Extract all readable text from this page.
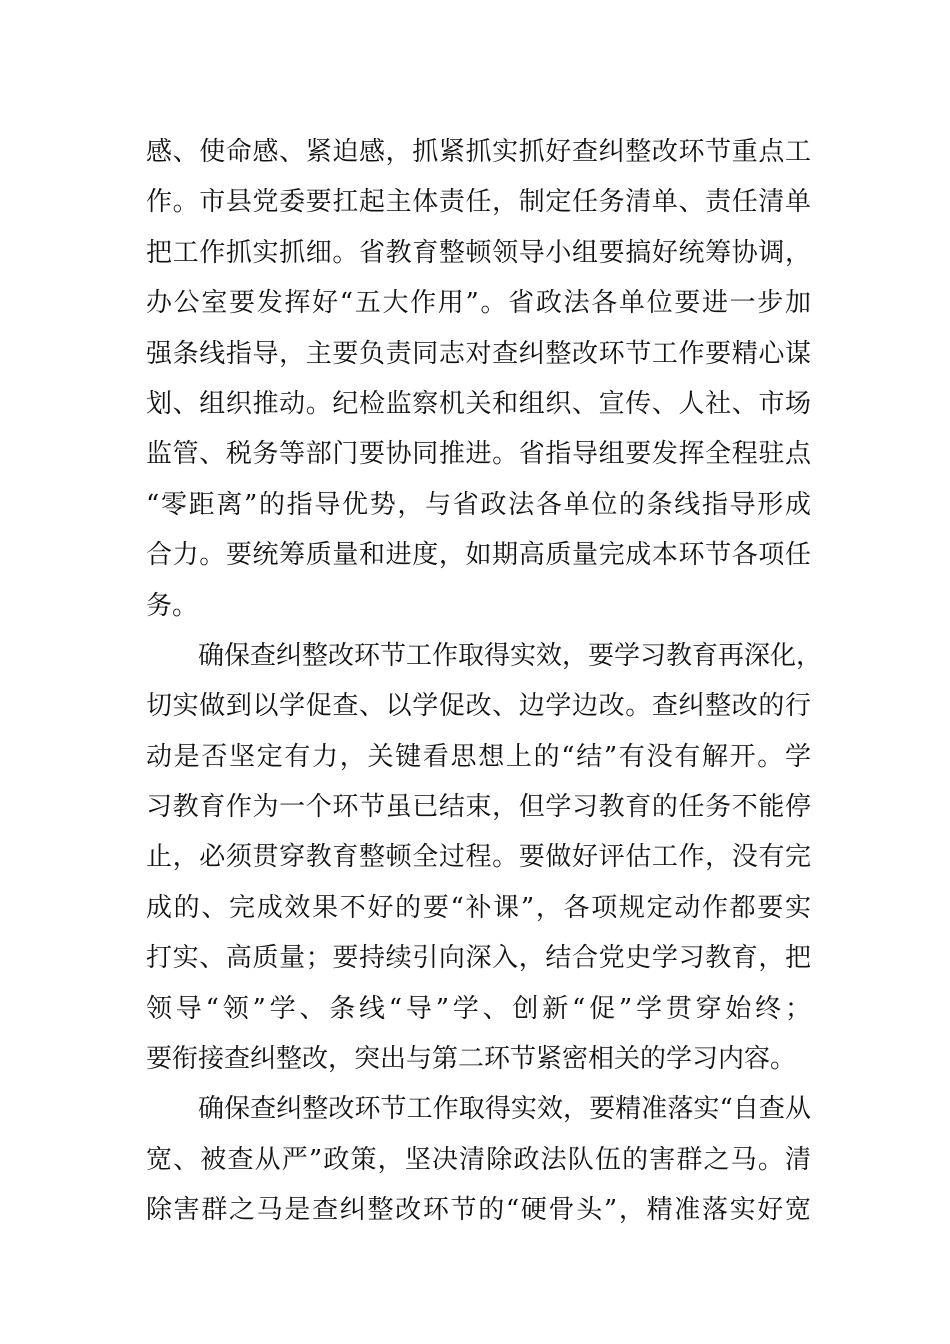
感、使命感、紧迫感，抓紧抓实抓好查纠整改环节重点工
作。市县党委要扛起主体责任，制定任务清单、责任清单
把工作抓实抓细。省教育整顿领导小组要搞好统筹协调，
办公室要发挥好“五大作用”。省政法各单位要进一步加
强条线指导，主要负责同志对查纠整改环节工作要精心谋
划、组织推动。纪检监察机关和组织、宣传、人社、市场
监管、税务等部门要协同推进。省指导组要发挥全程驻点
“零距离”的指导优势，与省政法各单位的条线指导形成
合力。要统筹质量和进度，如期高质量完成本环节各项任
务。
确保查纠整改环节工作取得实效，要学习教育再深化，
切实做到以学促查、以学促改、边学边改。查纠整改的行
动是否坚定有力，关键看思想上的“结”有没有解开。学
习教育作为一个环节虽已结束，但学习教育的任务不能停
止，必须贯穿教育整顿全过程。要做好评估工作，没有完
成的、完成效果不好的要“补课”，各项规定动作都要实
打实、高质量；要持续引向深入，结合党史学习教育，把
领导“领”学、条线“导”学、创新“促”学贯穿始终；
要衔接查纠整改，突出与第二环节紧密相关的学习内容。
确保查纠整改环节工作取得实效，要精准落实“自查从
宽、被查从严”政策，坚决清除政法队伍的害群之马。清
除害群之马是查纠整改环节的“硬骨头”，精准落实好宽
